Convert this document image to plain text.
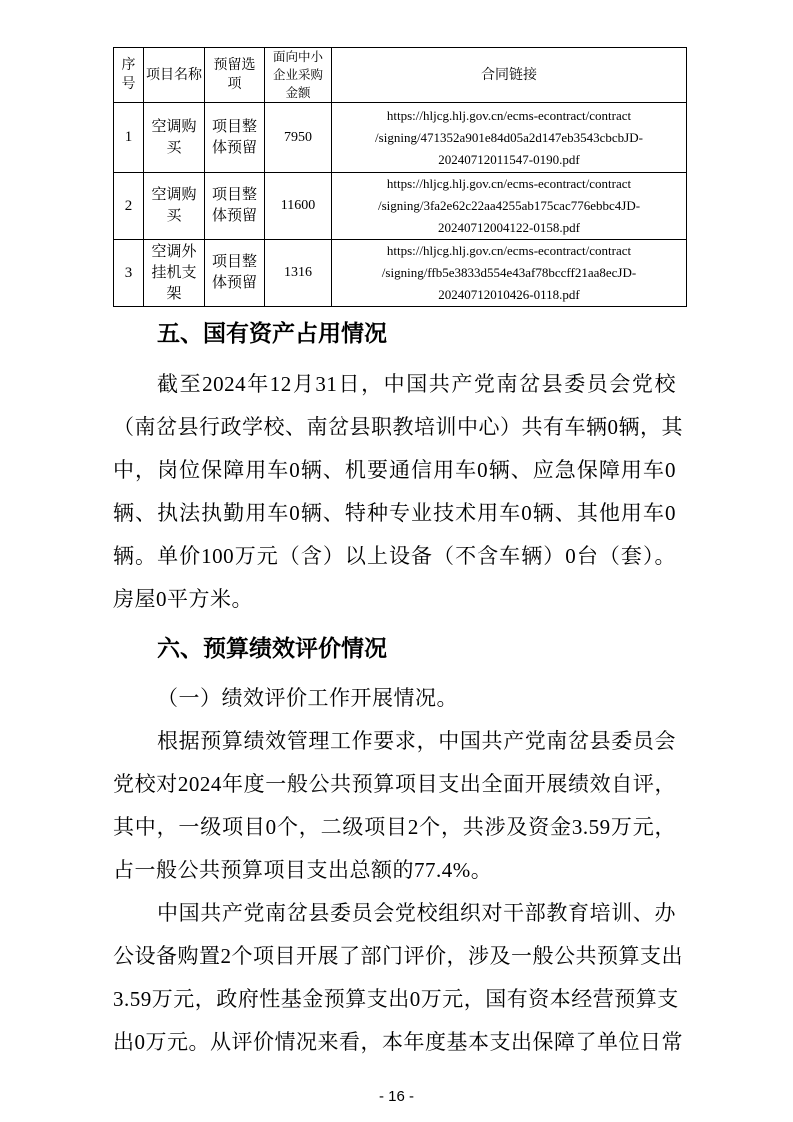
序号	项目名称	预留选项	面向中小企业采购金额	合同链接
1	空调购买	项目整体预留	7950	https://hljcg.hlj.gov.cn/ecms-econtract/contract
/signing/471352a901e84d05a2d147eb3543cbcbJD-
20240712011547-0190.pdf

2	空调购买	项目整体预留	11600	https://hljcg.hlj.gov.cn/ecms-econtract/contract
/signing/3fa2e62c22aa4255ab175cac776ebbc4JD-
20240712004122-0158.pdf

3	空调外挂机支架	项目整体预留	1316	https://hljcg.hlj.gov.cn/ecms-econtract/contract
/signing/ffb5e3833d554e43af78bccff21aa8ecJD-
20240712010426-0118.pdf
五、国有资产占用情况
截至2024年12月31日，中国共产党南岔县委员会党校
（南岔县行政学校、南岔县职教培训中心）共有车辆0辆，其
中，岗位保障用车0辆、机要通信用车0辆、应急保障用车0
辆、执法执勤用车0辆、特种专业技术用车0辆、其他用车0
辆。单价100万元（含）以上设备（不含车辆）0台（套）。
房屋0平方米。
六、预算绩效评价情况
（一）绩效评价工作开展情况。
根据预算绩效管理工作要求，中国共产党南岔县委员会
党校对2024年度一般公共预算项目支出全面开展绩效自评，
其中，一级项目0个，二级项目2个，共涉及资金3.59万元，
占一般公共预算项目支出总额的77.4%。
中国共产党南岔县委员会党校组织对干部教育培训、办
公设备购置2个项目开展了部门评价，涉及一般公共预算支出
3.59万元，政府性基金预算支出0万元，国有资本经营预算支
出0万元。从评价情况来看，本年度基本支出保障了单位日常
- 16 -
